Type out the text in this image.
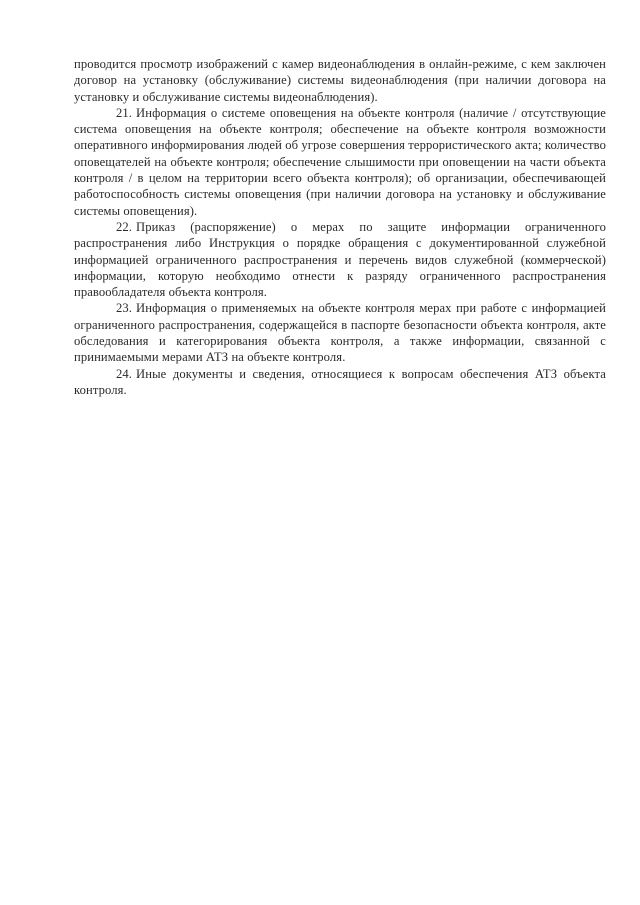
проводится просмотр изображений с камер видеонаблюдения в онлайн-режиме, с кем заключен договор на установку (обслуживание) системы видеонаблюдения (при наличии договора на установку и обслуживание системы видеонаблюдения).

21. Информация о системе оповещения на объекте контроля (наличие / отсутствующие система оповещения на объекте контроля; обеспечение на объекте контроля возможности оперативного информирования людей об угрозе совершения террористического акта; количество оповещателей на объекте контроля; обеспечение слышимости при оповещении на части объекта контроля / в целом на территории всего объекта контроля); об организации, обеспечивающей работоспособность системы оповещения (при наличии договора на установку и обслуживание системы оповещения).

22. Приказ (распоряжение) о мерах по защите информации ограниченного распространения либо Инструкция о порядке обращения с документированной служебной информацией ограниченного распространения и перечень видов служебной (коммерческой) информации, которую необходимо отнести к разряду ограниченного распространения правообладателя объекта контроля.

23. Информация о применяемых на объекте контроля мерах при работе с информацией ограниченного распространения, содержащейся в паспорте безопасности объекта контроля, акте обследования и категорирования объекта контроля, а также информации, связанной с принимаемыми мерами АТЗ на объекте контроля.

24. Иные документы и сведения, относящиеся к вопросам обеспечения АТЗ объекта контроля.
